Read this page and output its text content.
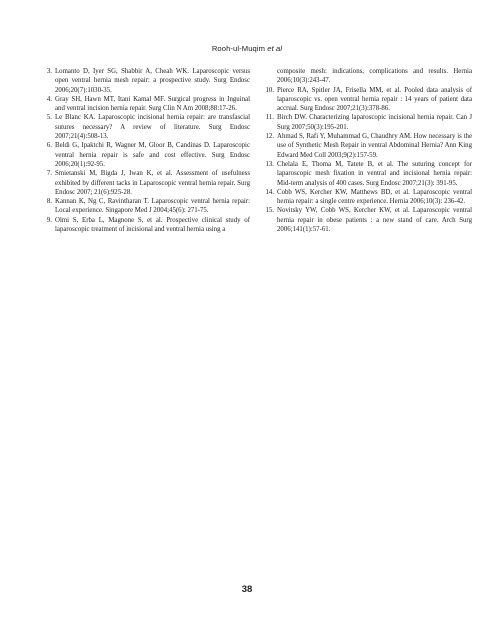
Rooh-ul-Muqim et al

3. Lomanto D, Iyer SG, Shabbir A, Cheah WK. Laparoscopic versus open ventral hernia mesh repair: a prospective study. Surg Endosc 2006;20(7):1030-35.

4. Gray SH, Hawn MT, Itani Kamal MF. Surgical progress in Inguinal and ventral incision hernia repair. Surg Clin N Am 2008;88:17-26.

5. Le Blanc KA. Laparoscopic incisional hernia repair: are transfascial sutures necessary? A review of literature. Surg Endosc 2007;21(4):508-13.

6. Beldi G, Ipaktchi R, Wagner M, Gloor B, Candinas D. Laparoscopic ventral hernia repair is safe and cost effective. Surg Endosc 2006;20(1):92-95.

7. Smietanski M, Bigda J, Iwan K, et al. Assessment of usefulness exhibited by different tacks in Laparoscopic ventral hernia repair. Surg Endosc 2007; 21(6):925-28.

8. Kannan K, Ng C, Ravintharan T. Laparoscopic ventral hernia repair: Local experience. Singapore Med J 2004;45(6): 271-75.

9. Olmi S, Erba L, Magnone S, et al. Prospective clinical study of laparoscopic treatment of incisional and ventral hernia using a

composite mesh: indications, complications and results. Hernia 2006;10(3):243-47.

10. Pierce RA, Spitler JA, Frisella MM, et al. Pooled data analysis of laparoscopic vs. open ventral hernia repair : 14 years of patient data accrual. Surg Endosc 2007;21(3):378-86.

11. Birch DW. Characterizing laparoscopic incisional hernia repair. Can J Surg 2007;50(3):195-201.

12. Ahmad S, Rafi Y, Muhammad G, Chaudhry AM. How necessary is the use of Synthetic Mesh Repair in ventral Abdominal Hernia? Ann King Edward Med Coll 2003;9(2):157-59.

13. Chelala E, Thoma M, Tatete B, et al. The suturing concept for laparoscopic mesh fixation in ventral and incisional hernia repair: Mid-term analysis of 400 cases. Surg Endosc 2007;21(3): 391-95.

14. Cobb WS, Kercher KW, Matthews BD, et al. Laparoscopic ventral hernia repair: a single centre experience. Hernia 2006;10(3): 236-42.

15. Novitsky YW, Cobb WS, Kercher KW, et al. Laparoscopic ventral hernia repair in obese patients : a new stand of care. Arch Surg 2006;141(1):57-61.

38
